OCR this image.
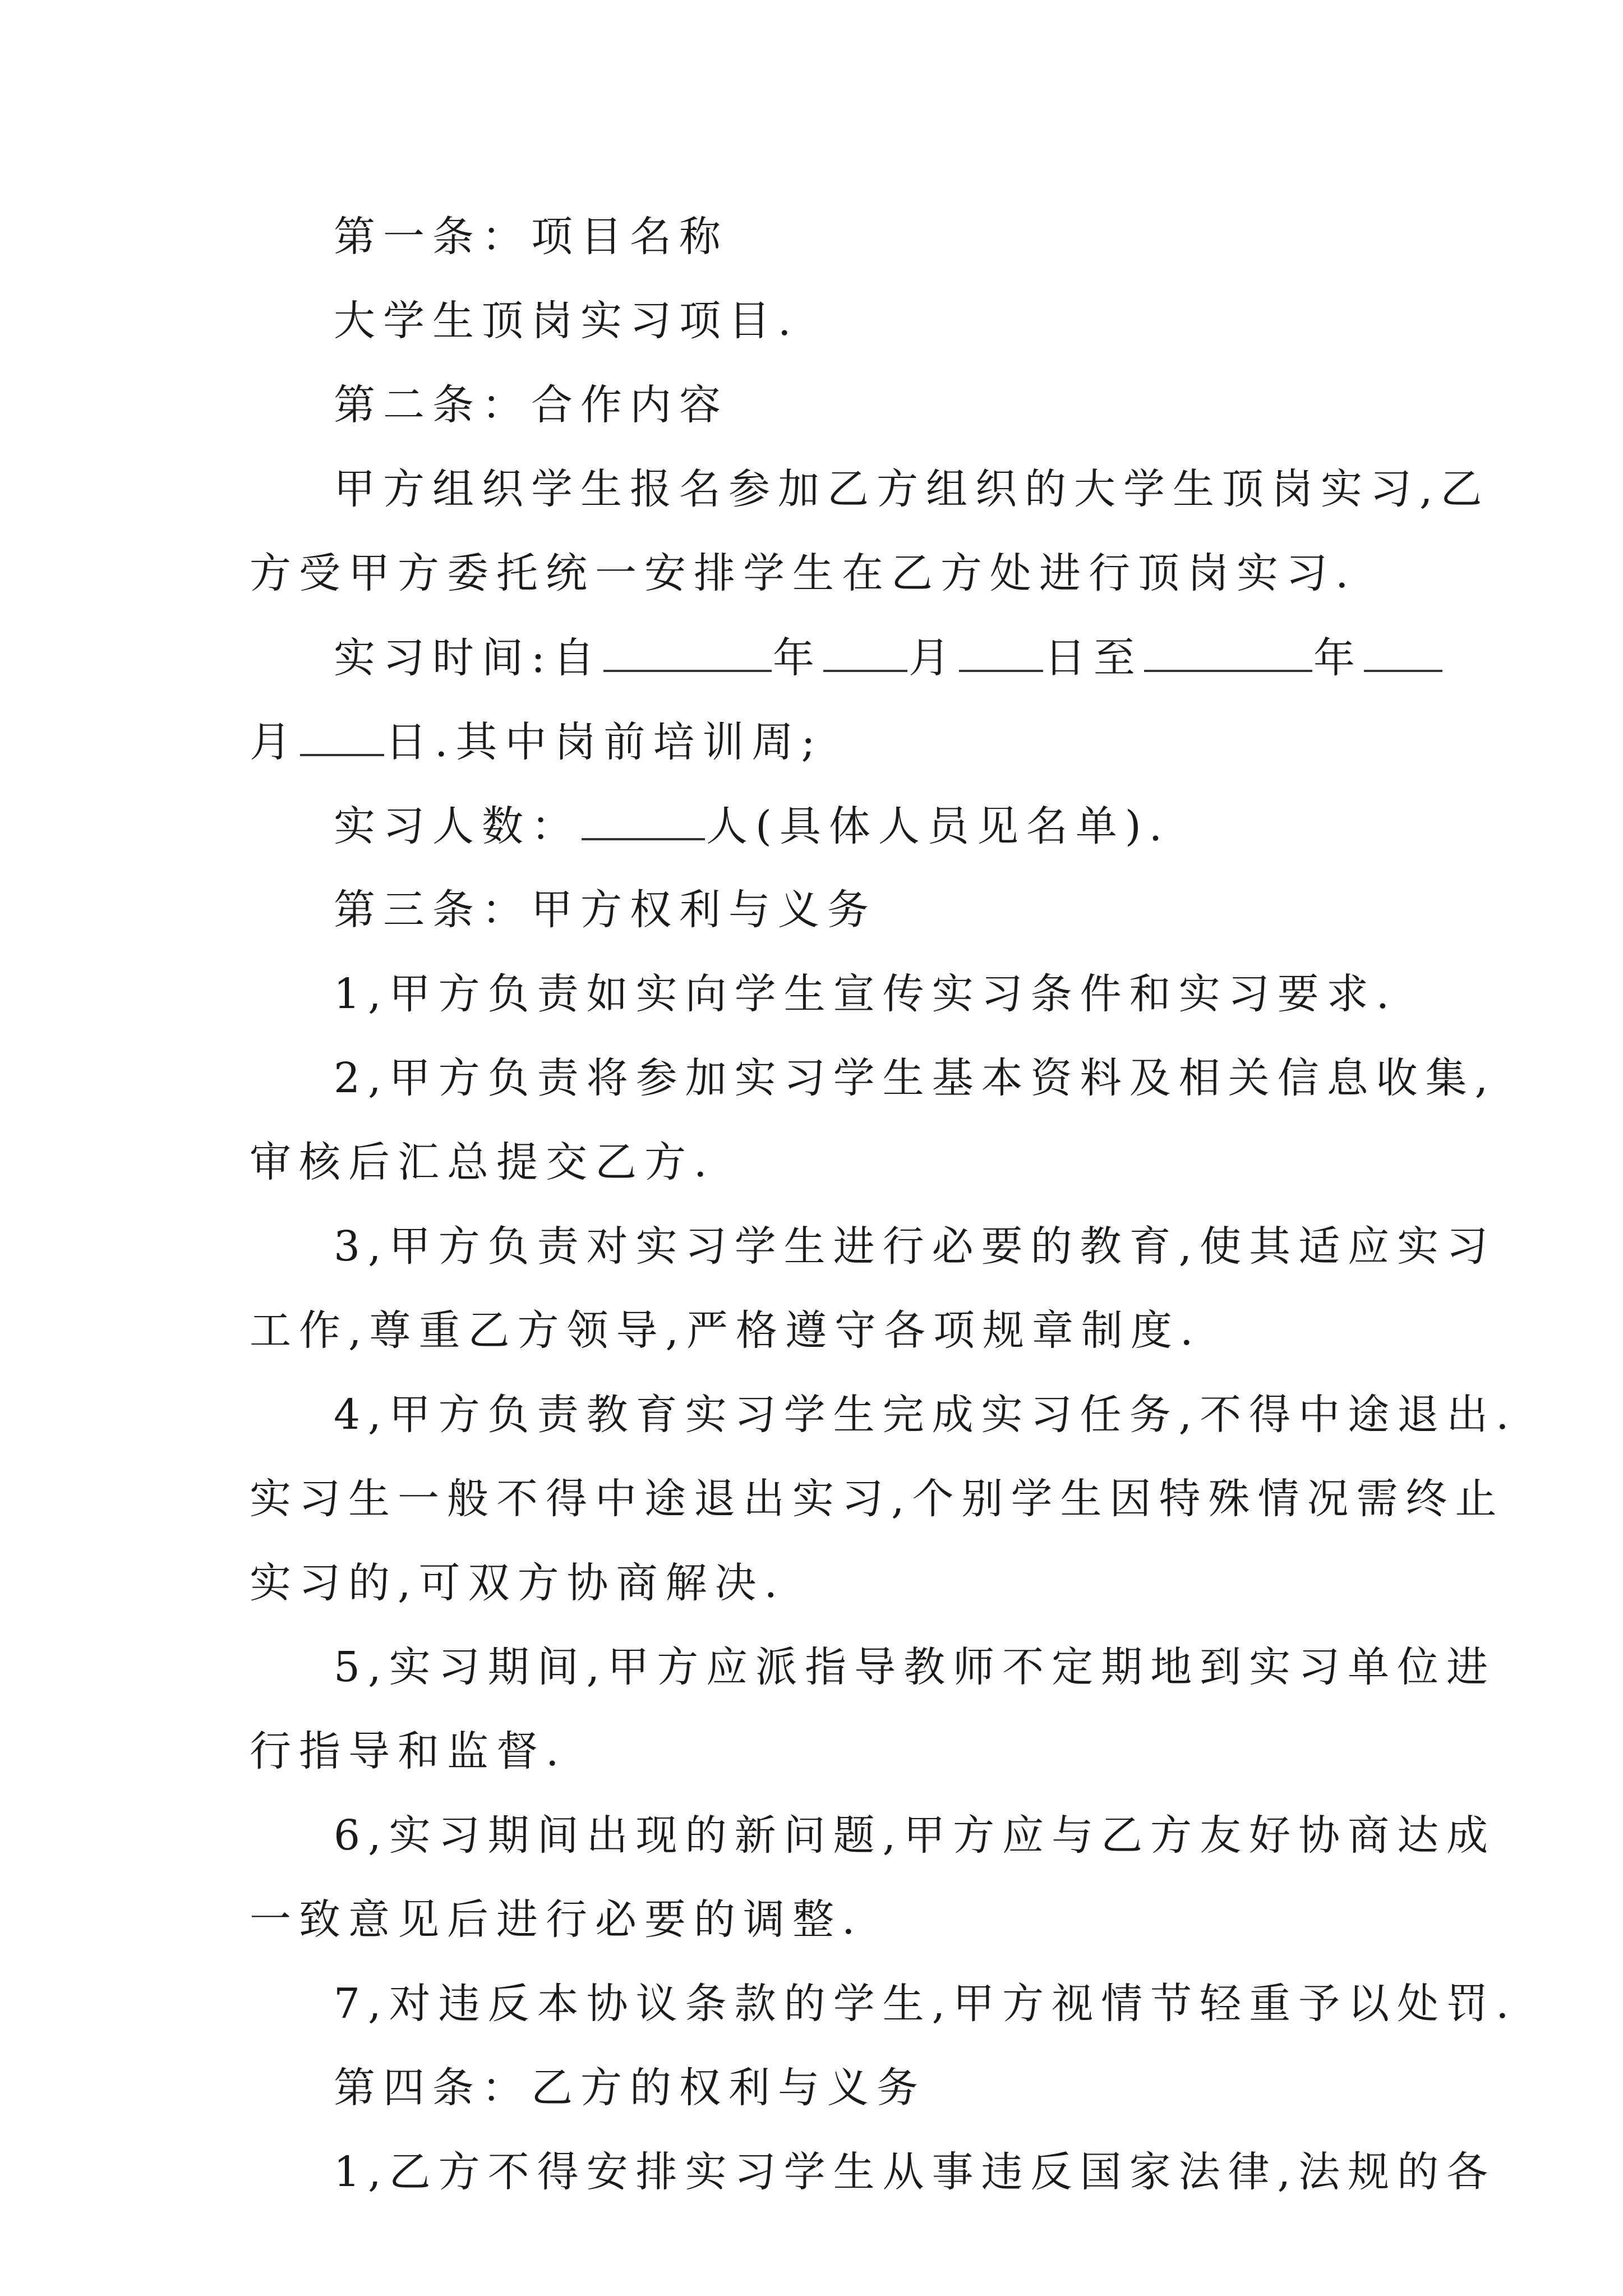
第一条：项目名称
大学生顶岗实习项目.
第二条：合作内容
甲方组织学生报名参加乙方组织的大学生顶岗实习,乙
方受甲方委托统一安排学生在乙方处进行顶岗实习.
实习时间:自	年 月 日至	年
月 日.其中岗前培训周;
实习人数：	人(具体人员见名单).
第三条：甲方权利与义务
1,甲方负责如实向学生宣传实习条件和实习要求.
2,甲方负责将参加实习学生基本资料及相关信息收集,
审核后汇总提交乙方.
3,甲方负责对实习学生进行必要的教育,使其适应实习
工作,尊重乙方领导,严格遵守各项规章制度.
4,甲方负责教育实习学生完成实习任务,不得中途退出.
实习生一般不得中途退出实习,个别学生因特殊情况需终止
实习的,可双方协商解决.
5,实习期间,甲方应派指导教师不定期地到实习单位进
行指导和监督.
6,实习期间出现的新问题,甲方应与乙方友好协商达成
一致意见后进行必要的调整.
7,对违反本协议条款的学生,甲方视情节轻重予以处罚.
第四条：乙方的权利与义务
1,乙方不得安排实习学生从事违反国家法律,法规的各
